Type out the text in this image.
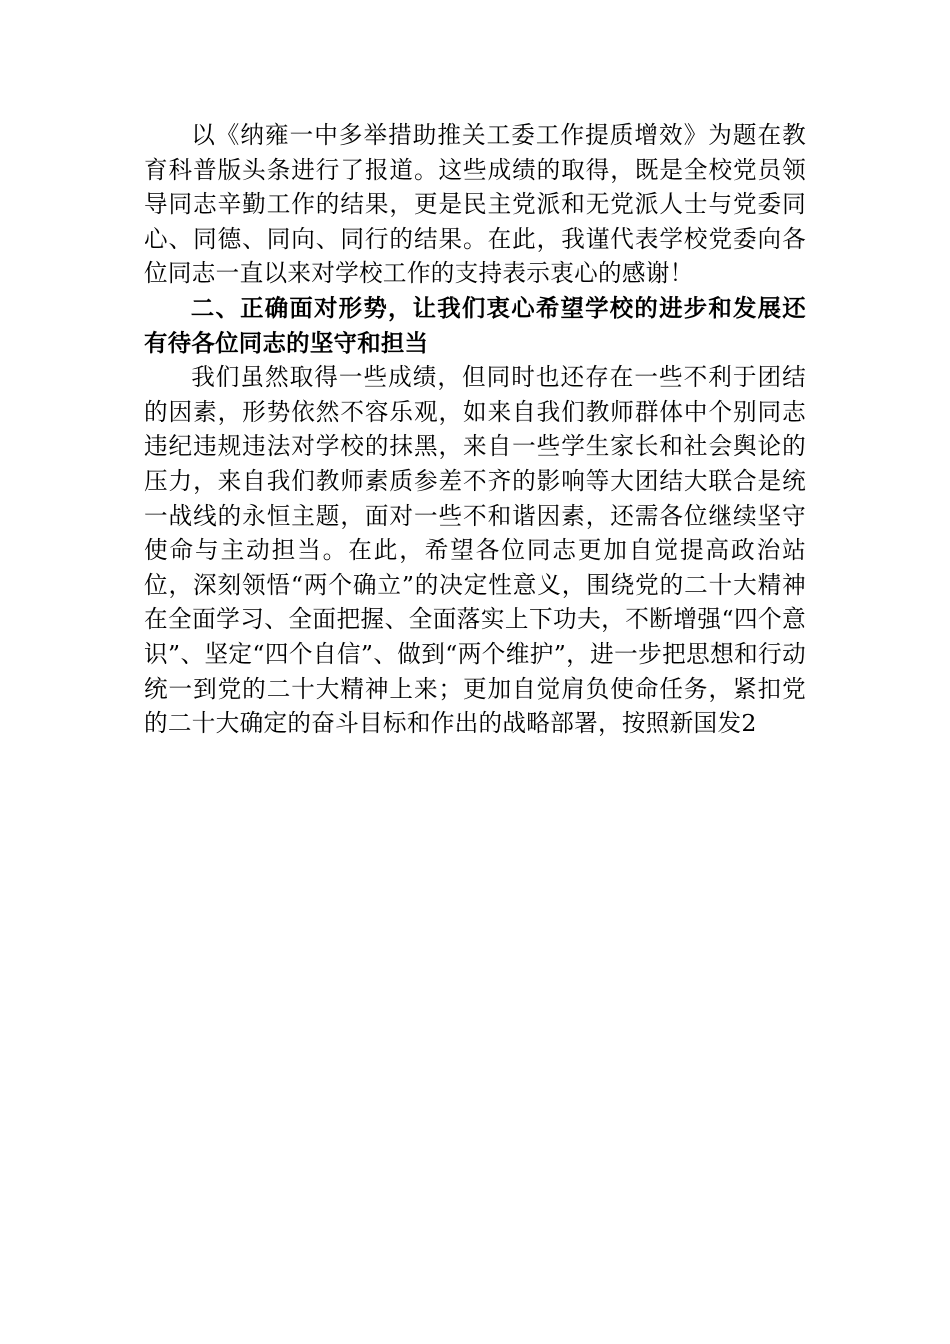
以《纳雍一中多举措助推关工委工作提质增效》为题在教育科普版头条进行了报道。这些成绩的取得，既是全校党员领导同志辛勤工作的结果，更是民主党派和无党派人士与党委同心、同德、同向、同行的结果。在此，我谨代表学校党委向各位同志一直以来对学校工作的支持表示衷心的感谢！

二、正确面对形势，让我们衷心希望学校的进步和发展还有待各位同志的坚守和担当

我们虽然取得一些成绩，但同时也还存在一些不利于团结的因素，形势依然不容乐观，如来自我们教师群体中个别同志违纪违规违法对学校的抹黑，来自一些学生家长和社会舆论的压力，来自我们教师素质参差不齐的影响等大团结大联合是统一战线的永恒主题，面对一些不和谐因素，还需各位继续坚守使命与主动担当。在此，希望各位同志更加自觉提高政治站位，深刻领悟“两个确立”的决定性意义，围绕党的二十大精神在全面学习、全面把握、全面落实上下功夫，不断增强“四个意识”、坚定“四个自信”、做到“两个维护”，进一步把思想和行动统一到党的二十大精神上来；更加自觉肩负使命任务，紧扣党的二十大确定的奋斗目标和作出的战略部署，按照新国发2
